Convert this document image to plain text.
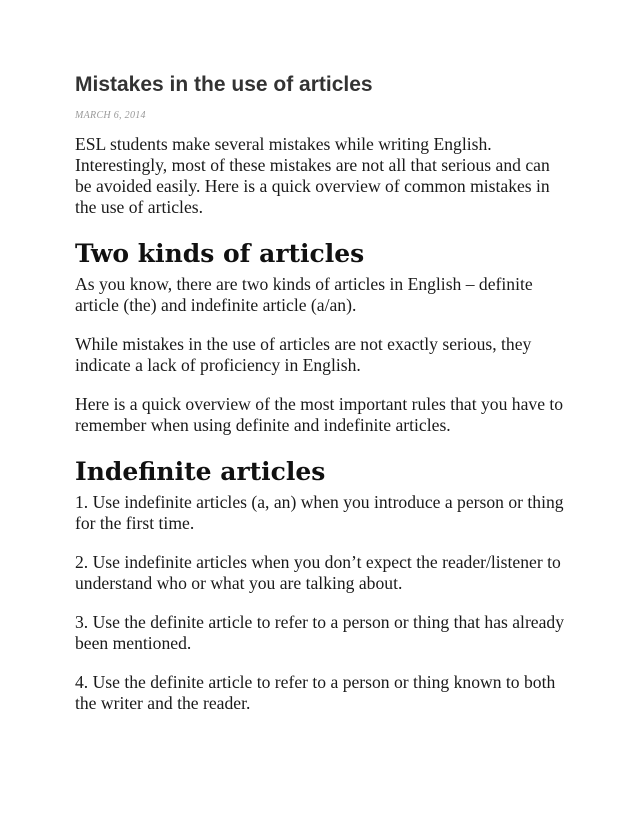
Mistakes in the use of articles
MARCH 6, 2014

ESL students make several mistakes while writing English. Interestingly, most of these mistakes are not all that serious and can be avoided easily. Here is a quick overview of common mistakes in the use of articles.

Two kinds of articles

As you know, there are two kinds of articles in English – definite article (the) and indefinite article (a/an).

While mistakes in the use of articles are not exactly serious, they indicate a lack of proficiency in English.

Here is a quick overview of the most important rules that you have to remember when using definite and indefinite articles.

Indefinite articles

1. Use indefinite articles (a, an) when you introduce a person or thing for the first time.

2. Use indefinite articles when you don’t expect the reader/listener to understand who or what you are talking about.

3. Use the definite article to refer to a person or thing that has already been mentioned.

4. Use the definite article to refer to a person or thing known to both the writer and the reader.
